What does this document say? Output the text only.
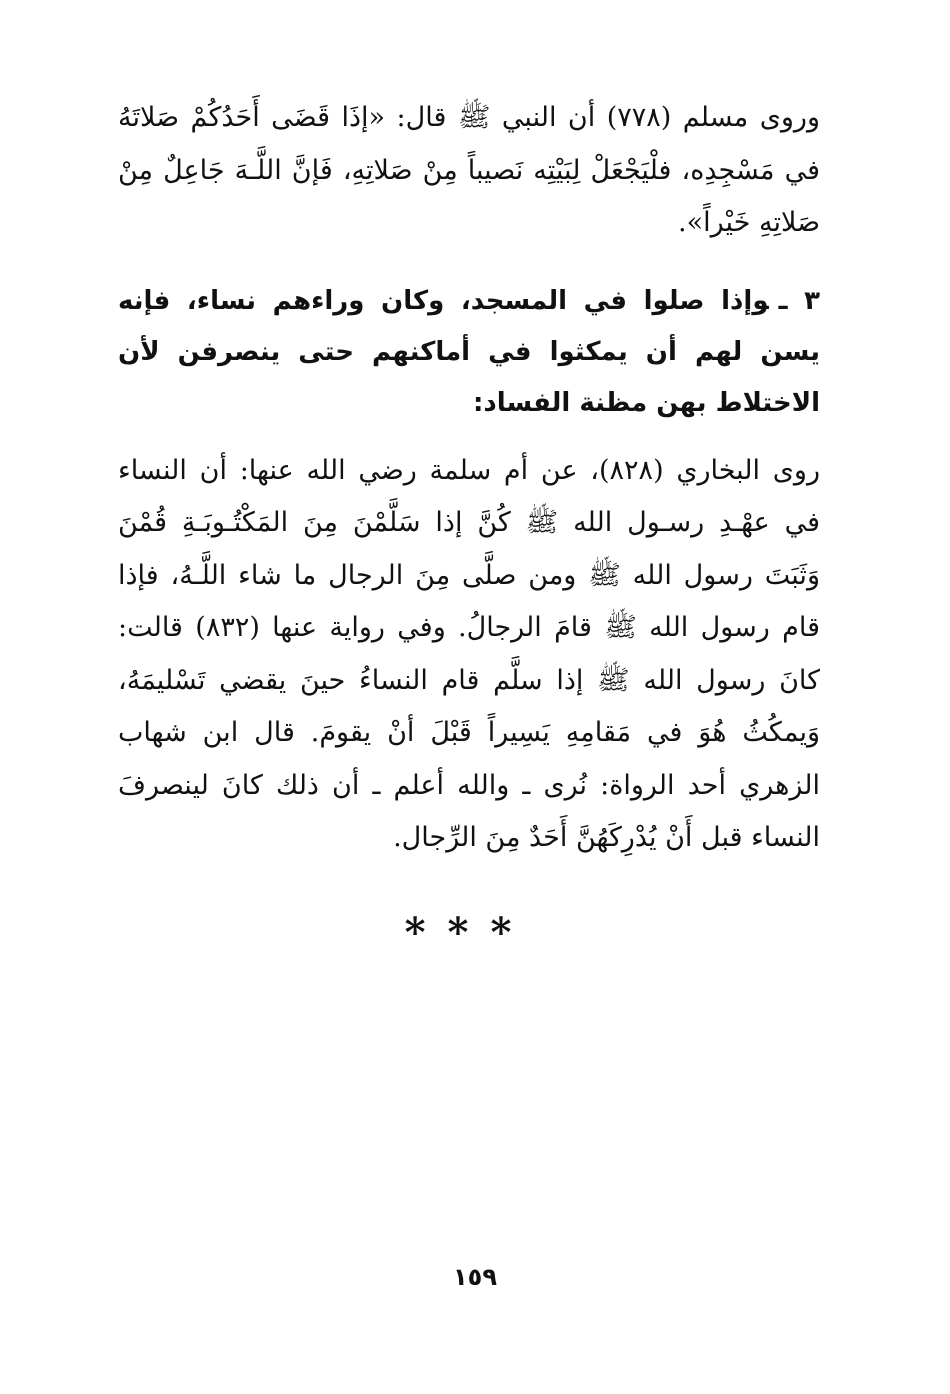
وروى مسلم (٧٧٨) أن النبي ﷺ قال: «إذَا قَضَى أَحَدُكُمْ صَلاتَهُ في مَسْجِدِه، فلْيَجْعَلْ لِبَيْتِه نَصيباً مِنْ صَلاتِهِ، فَإنَّ اللَّـهَ جَاعِلٌ مِنْ صَلاتِهِ خَيْراً».

٣ ـوإذا صلوا في المسجد، وكان وراءهم نساء، فإنه يسن لهم أن يمكثوا في أماكنهم حتى ينصرفن لأن الاختلاط بهن مظنة الفساد:

روى البخاري (٨٢٨)، عن أم سلمة رضي الله عنها: أن النساء في عهْـدِ رسـول الله ﷺ كُنَّ إذا سَلَّمْنَ مِنَ المَكْتُـوبَـةِ قُمْنَ وَثَبَتَ رسول الله ﷺ ومن صلَّى مِنَ الرجال ما شاء اللَّـهُ، فإذا قام رسول الله ﷺ قامَ الرجالُ. وفي رواية عنها (٨٣٢) قالت: كانَ رسول الله ﷺ إذا سلَّم قام النساءُ حينَ يقضي تَسْليمَهُ، وَيمكُثُ هُوَ في مَقامِهِ يَسِيراً قَبْلَ أنْ يقومَ. قال ابن شهاب الزهري أحد الرواة: نُرى ـ والله أعلم ـ أن ذلك كانَ لينصرفَ النساء قبل أَنْ يُدْرِكَهُنَّ أَحَدٌ مِنَ الرِّجال.

***

١٥٩
